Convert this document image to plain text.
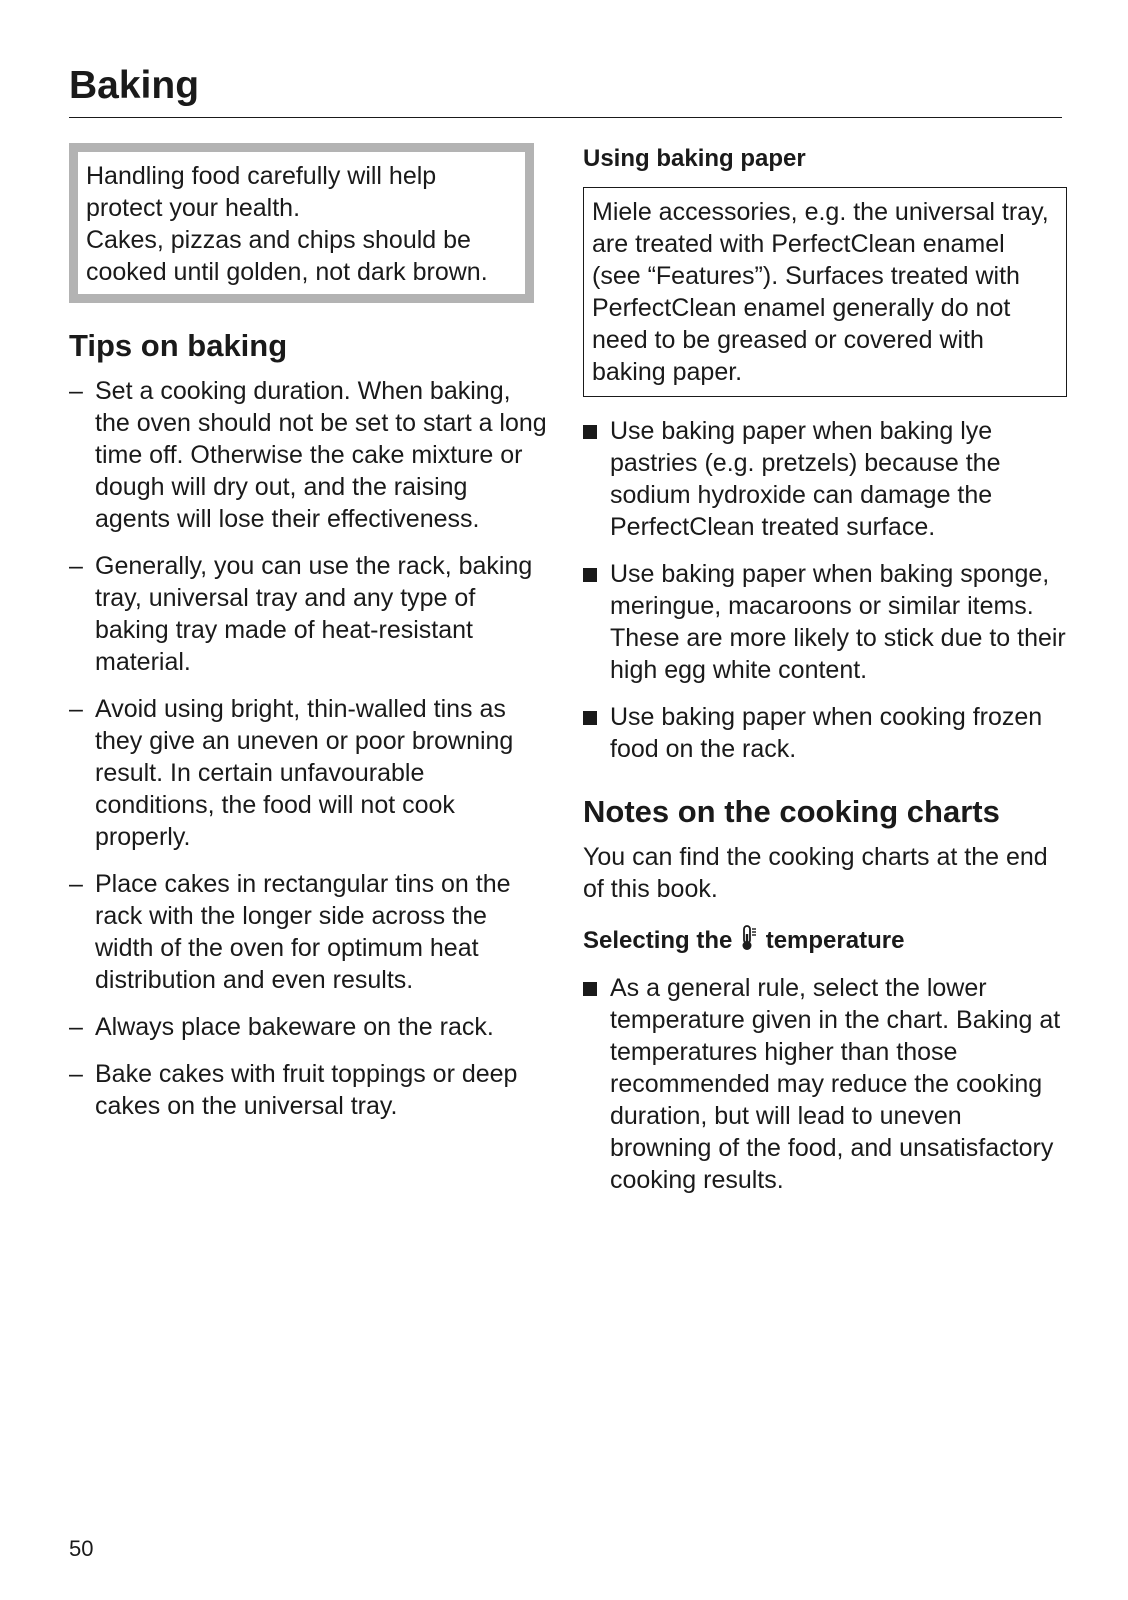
Baking

Handling food carefully will help protect your health.

Cakes, pizzas and chips should be cooked until golden, not dark brown.

Tips on baking
– Set a cooking duration. When baking, the oven should not be set to start a long time off. Otherwise the cake mixture or dough will dry out, and the raising agents will lose their effectiveness.
– Generally, you can use the rack, baking tray, universal tray and any type of baking tray made of heat-resistant material.
– Avoid using bright, thin-walled tins as they give an uneven or poor browning result. In certain unfavourable conditions, the food will not cook properly.
– Place cakes in rectangular tins on the rack with the longer side across the width of the oven for optimum heat distribution and even results.
– Always place bakeware on the rack.
– Bake cakes with fruit toppings or deep cakes on the universal tray.
Using baking paper

Miele accessories, e.g. the universal tray, are treated with PerfectClean enamel (see “Features”). Surfaces treated with PerfectClean enamel generally do not need to be greased or covered with baking paper.

Use baking paper when baking lye pastries (e.g. pretzels) because the sodium hydroxide can damage the PerfectClean treated surface.
Use baking paper when baking sponge, meringue, macaroons or similar items. These are more likely to stick due to their high egg white content.
Use baking paper when cooking frozen food on the rack.
Notes on the cooking charts

You can find the cooking charts at the end of this book.

Selecting the temperature
As a general rule, select the lower temperature given in the chart. Baking at temperatures higher than those recommended may reduce the cooking duration, but will lead to uneven browning of the food, and unsatisfactory cooking results.
50
